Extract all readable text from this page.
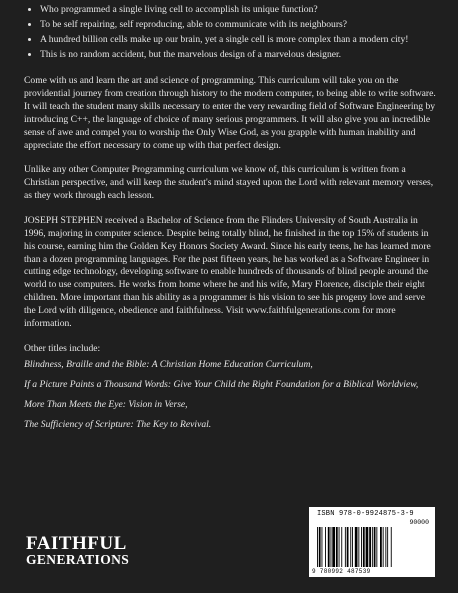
• Who programmed a single living cell to accomplish its unique function?
• To be self repairing, self reproducing, able to communicate with its neighbours?
• A hundred billion cells make up our brain, yet a single cell is more complex than a modern city!
• This is no random accident, but the marvelous design of a marvelous designer.

Come with us and learn the art and science of programming. This curriculum will take you on the providential journey from creation through history to the modern computer, to being able to write software. It will teach the student many skills necessary to enter the very rewarding field of Software Engineering by introducing C++, the language of choice of many serious programmers. It will also give you an incredible sense of awe and compel you to worship the Only Wise God, as you grapple with human inability and appreciate the effort necessary to come up with that perfect design.

Unlike any other Computer Programming curriculum we know of, this curriculum is written from a Christian perspective, and will keep the student's mind stayed upon the Lord with relevant memory verses, as they work through each lesson.

JOSEPH STEPHEN received a Bachelor of Science from the Flinders University of South Australia in 1996, majoring in computer science. Despite being totally blind, he finished in the top 15% of students in his course, earning him the Golden Key Honors Society Award. Since his early teens, he has learned more than a dozen programming languages. For the past fifteen years, he has worked as a Software Engineer in cutting edge technology, developing software to enable hundreds of thousands of blind people around the world to use computers. He works from home where he and his wife, Mary Florence, disciple their eight children. More important than his ability as a programmer is his vision to see his progeny love and serve the Lord with diligence, obedience and faithfulness. Visit www.faithfulgenerations.com for more information.

Other titles include:
Blindness, Braille and the Bible: A Christian Home Education Curriculum,
If a Picture Paints a Thousand Words: Give Your Child the Right Foundation for a Biblical Worldview,
More Than Meets the Eye: Vision in Verse,
The Sufficiency of Scripture: The Key to Revival.
FAITHFUL
GENERATIONS
ISBN 978-0-9924875-3-9
90000
9 780992 487539
